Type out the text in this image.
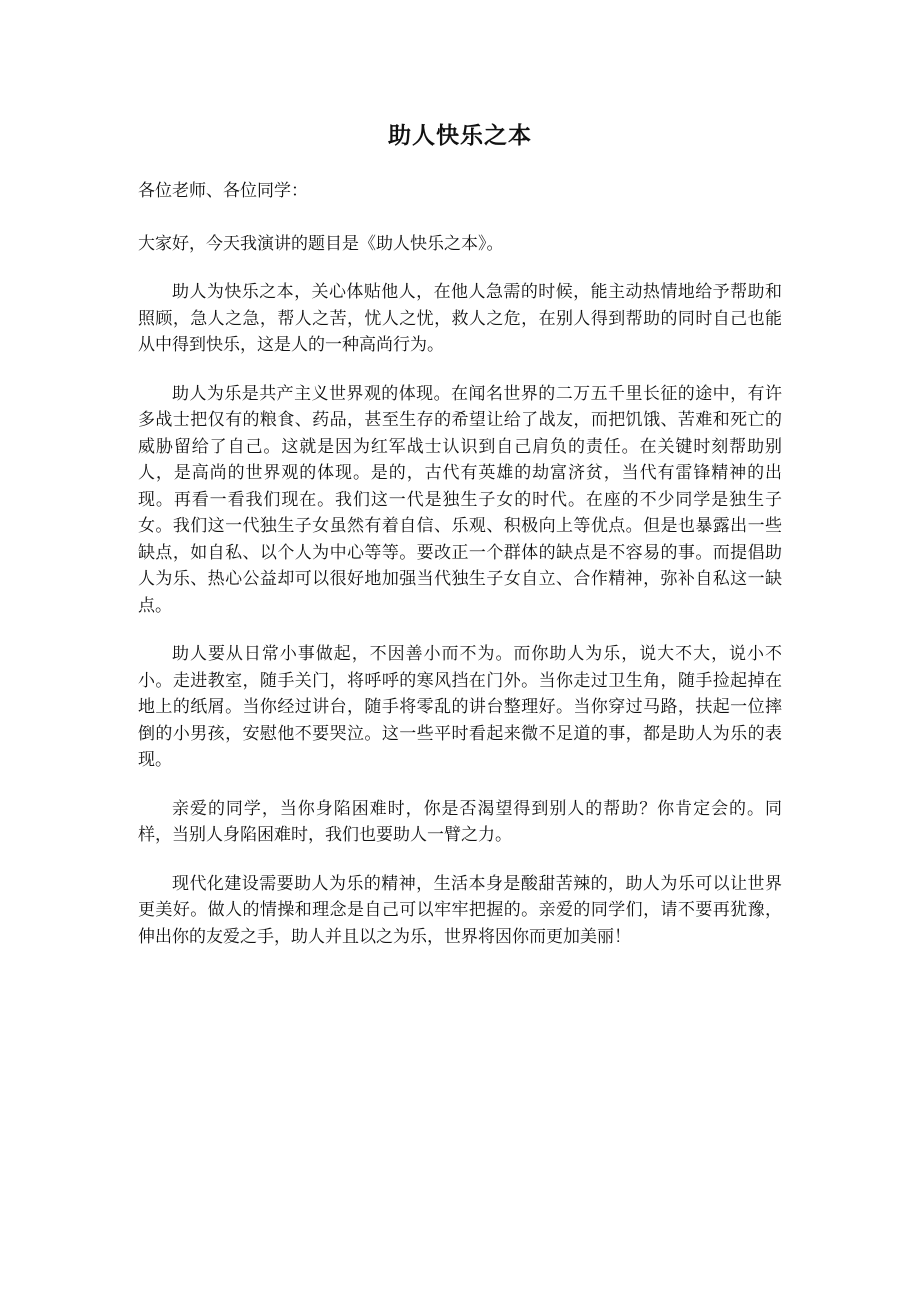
助人快乐之本

各位老师、各位同学：

大家好，今天我演讲的题目是《助人快乐之本》。

助人为快乐之本，关心体贴他人，在他人急需的时候，能主动热情地给予帮助和照顾，急人之急，帮人之苦，忧人之忧，救人之危，在别人得到帮助的同时自己也能从中得到快乐，这是人的一种高尚行为。

助人为乐是共产主义世界观的体现。在闻名世界的二万五千里长征的途中，有许多战士把仅有的粮食、药品，甚至生存的希望让给了战友，而把饥饿、苦难和死亡的威胁留给了自己。这就是因为红军战士认识到自己肩负的责任。在关键时刻帮助别人，是高尚的世界观的体现。是的，古代有英雄的劫富济贫，当代有雷锋精神的出现。再看一看我们现在。我们这一代是独生子女的时代。在座的不少同学是独生子女。我们这一代独生子女虽然有着自信、乐观、积极向上等优点。但是也暴露出一些缺点，如自私、以个人为中心等等。要改正一个群体的缺点是不容易的事。而提倡助人为乐、热心公益却可以很好地加强当代独生子女自立、合作精神，弥补自私这一缺点。

助人要从日常小事做起，不因善小而不为。而你助人为乐，说大不大，说小不小。走进教室，随手关门，将呼呼的寒风挡在门外。当你走过卫生角，随手捡起掉在地上的纸屑。当你经过讲台，随手将零乱的讲台整理好。当你穿过马路，扶起一位摔倒的小男孩，安慰他不要哭泣。这一些平时看起来微不足道的事，都是助人为乐的表现。

亲爱的同学，当你身陷困难时，你是否渴望得到别人的帮助？你肯定会的。同样，当别人身陷困难时，我们也要助人一臂之力。

现代化建设需要助人为乐的精神，生活本身是酸甜苦辣的，助人为乐可以让世界更美好。做人的情操和理念是自己可以牢牢把握的。亲爱的同学们，请不要再犹豫，伸出你的友爱之手，助人并且以之为乐，世界将因你而更加美丽！
